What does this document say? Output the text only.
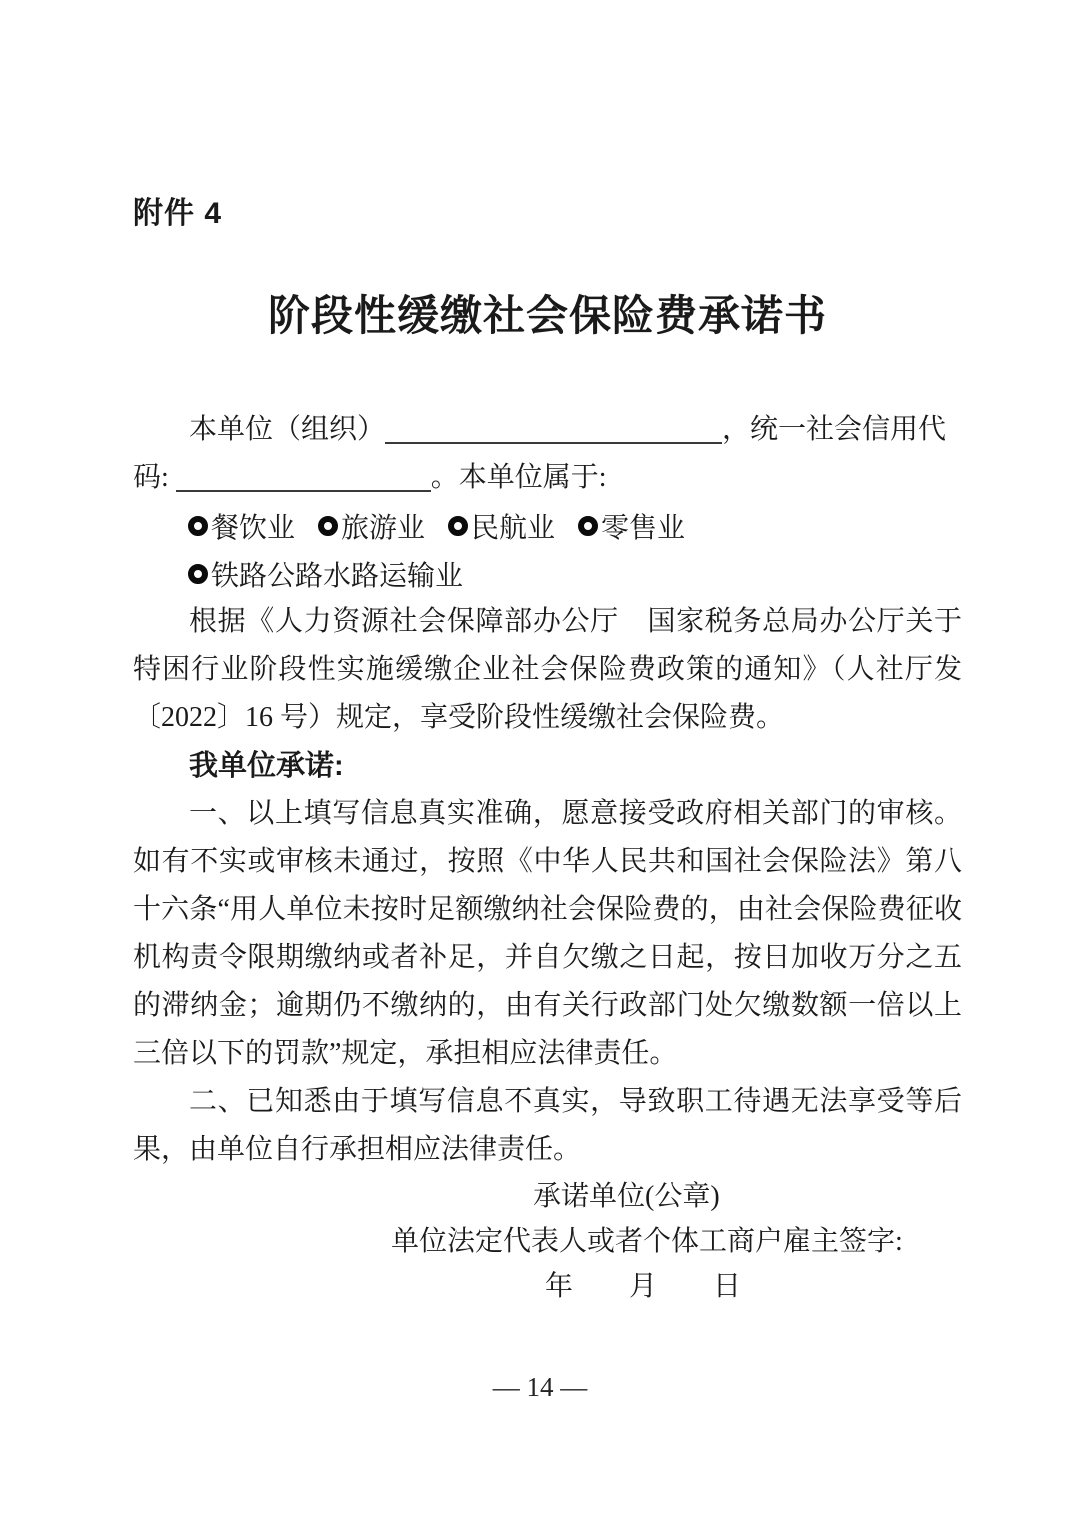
附件 4
阶段性缓缴社会保险费承诺书
本单位（组织）	，统一社会信用代
码:	。本单位属于:
餐饮业 旅游业 民航业 零售业
铁路公路水路运输业

根据《人力资源社会保障部办公厅　国家税务总局办公厅关于特困行业阶段性实施缓缴企业社会保险费政策的通知》（人社厅发〔2022〕16 号）规定，享受阶段性缓缴社会保险费。

我单位承诺:

一、以上填写信息真实准确，愿意接受政府相关部门的审核。如有不实或审核未通过，按照《中华人民共和国社会保险法》第八十六条“用人单位未按时足额缴纳社会保险费的，由社会保险费征收机构责令限期缴纳或者补足，并自欠缴之日起，按日加收万分之五的滞纳金；逾期仍不缴纳的，由有关行政部门处欠缴数额一倍以上三倍以下的罚款”规定，承担相应法律责任。

二、已知悉由于填写信息不真实，导致职工待遇无法享受等后果，由单位自行承担相应法律责任。

承诺单位(公章)
单位法定代表人或者个体工商户雇主签字:
年　　月　　日
— 14 —
